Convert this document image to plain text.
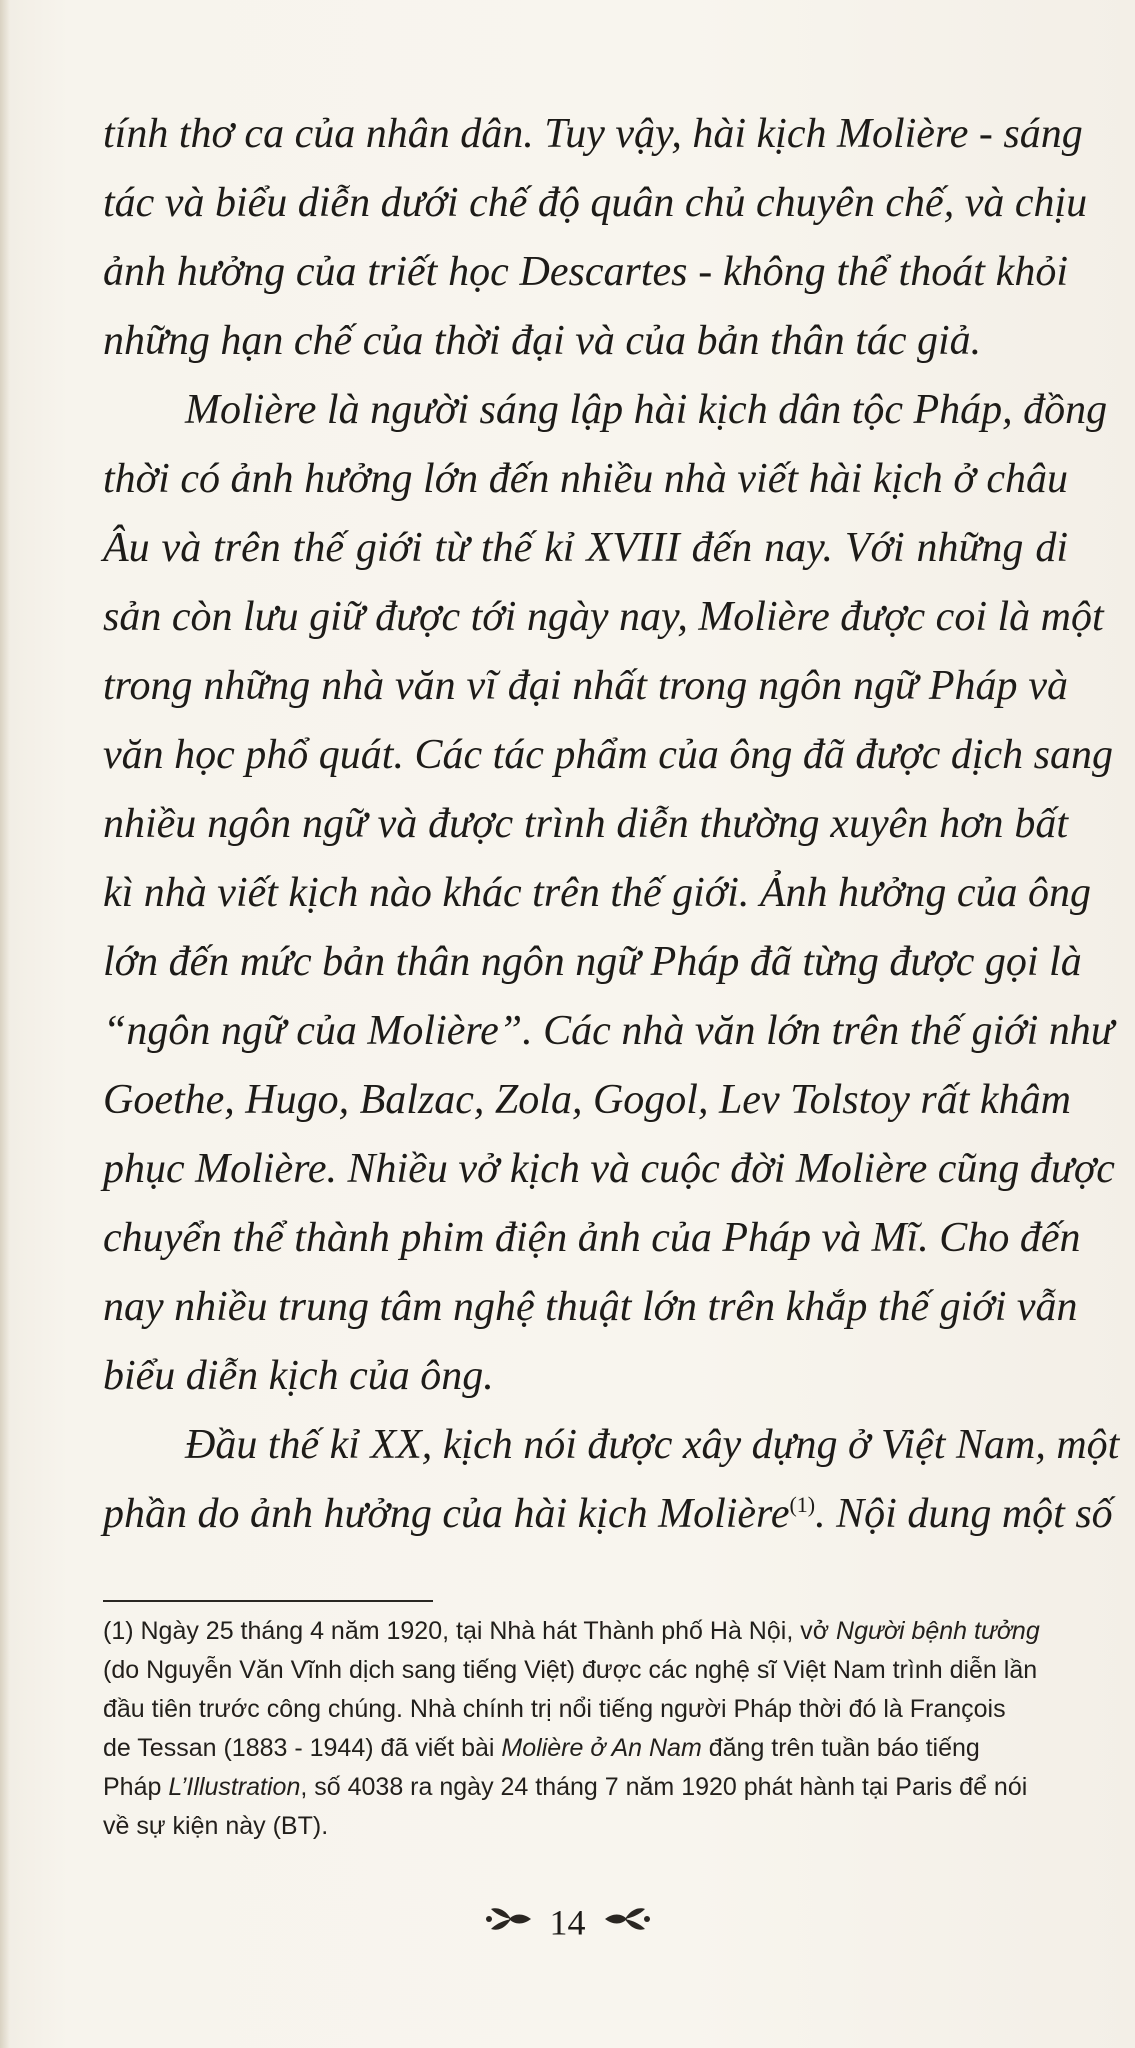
tính thơ ca của nhân dân. Tuy vậy, hài kịch Molière - sáng
tác và biểu diễn dưới chế độ quân chủ chuyên chế, và chịu
ảnh hưởng của triết học Descartes - không thể thoát khỏi
những hạn chế của thời đại và của bản thân tác giả.

Molière là người sáng lập hài kịch dân tộc Pháp, đồng
thời có ảnh hưởng lớn đến nhiều nhà viết hài kịch ở châu
Âu và trên thế giới từ thế kỉ XVIII đến nay. Với những di
sản còn lưu giữ được tới ngày nay, Molière được coi là một
trong những nhà văn vĩ đại nhất trong ngôn ngữ Pháp và
văn học phổ quát. Các tác phẩm của ông đã được dịch sang
nhiều ngôn ngữ và được trình diễn thường xuyên hơn bất
kì nhà viết kịch nào khác trên thế giới. Ảnh hưởng của ông
lớn đến mức bản thân ngôn ngữ Pháp đã từng được gọi là
“ngôn ngữ của Molière”. Các nhà văn lớn trên thế giới như
Goethe, Hugo, Balzac, Zola, Gogol, Lev Tolstoy rất khâm
phục Molière. Nhiều vở kịch và cuộc đời Molière cũng được
chuyển thể thành phim điện ảnh của Pháp và Mĩ. Cho đến
nay nhiều trung tâm nghệ thuật lớn trên khắp thế giới vẫn
biểu diễn kịch của ông.

Đầu thế kỉ XX, kịch nói được xây dựng ở Việt Nam, một
phần do ảnh hưởng của hài kịch Molière$^{(1)}$. Nội dung một số

(1) Ngày 25 tháng 4 năm 1920, tại Nhà hát Thành phố Hà Nội, vở Người bệnh tưởng
(do Nguyễn Văn Vĩnh dịch sang tiếng Việt) được các nghệ sĩ Việt Nam trình diễn lần
đầu tiên trước công chúng. Nhà chính trị nổi tiếng người Pháp thời đó là François
de Tessan (1883 - 1944) đã viết bài Molière ở An Nam đăng trên tuần báo tiếng
Pháp L’Illustration, số 4038 ra ngày 24 tháng 7 năm 1920 phát hành tại Paris để nói
về sự kiện này (BT).
14
